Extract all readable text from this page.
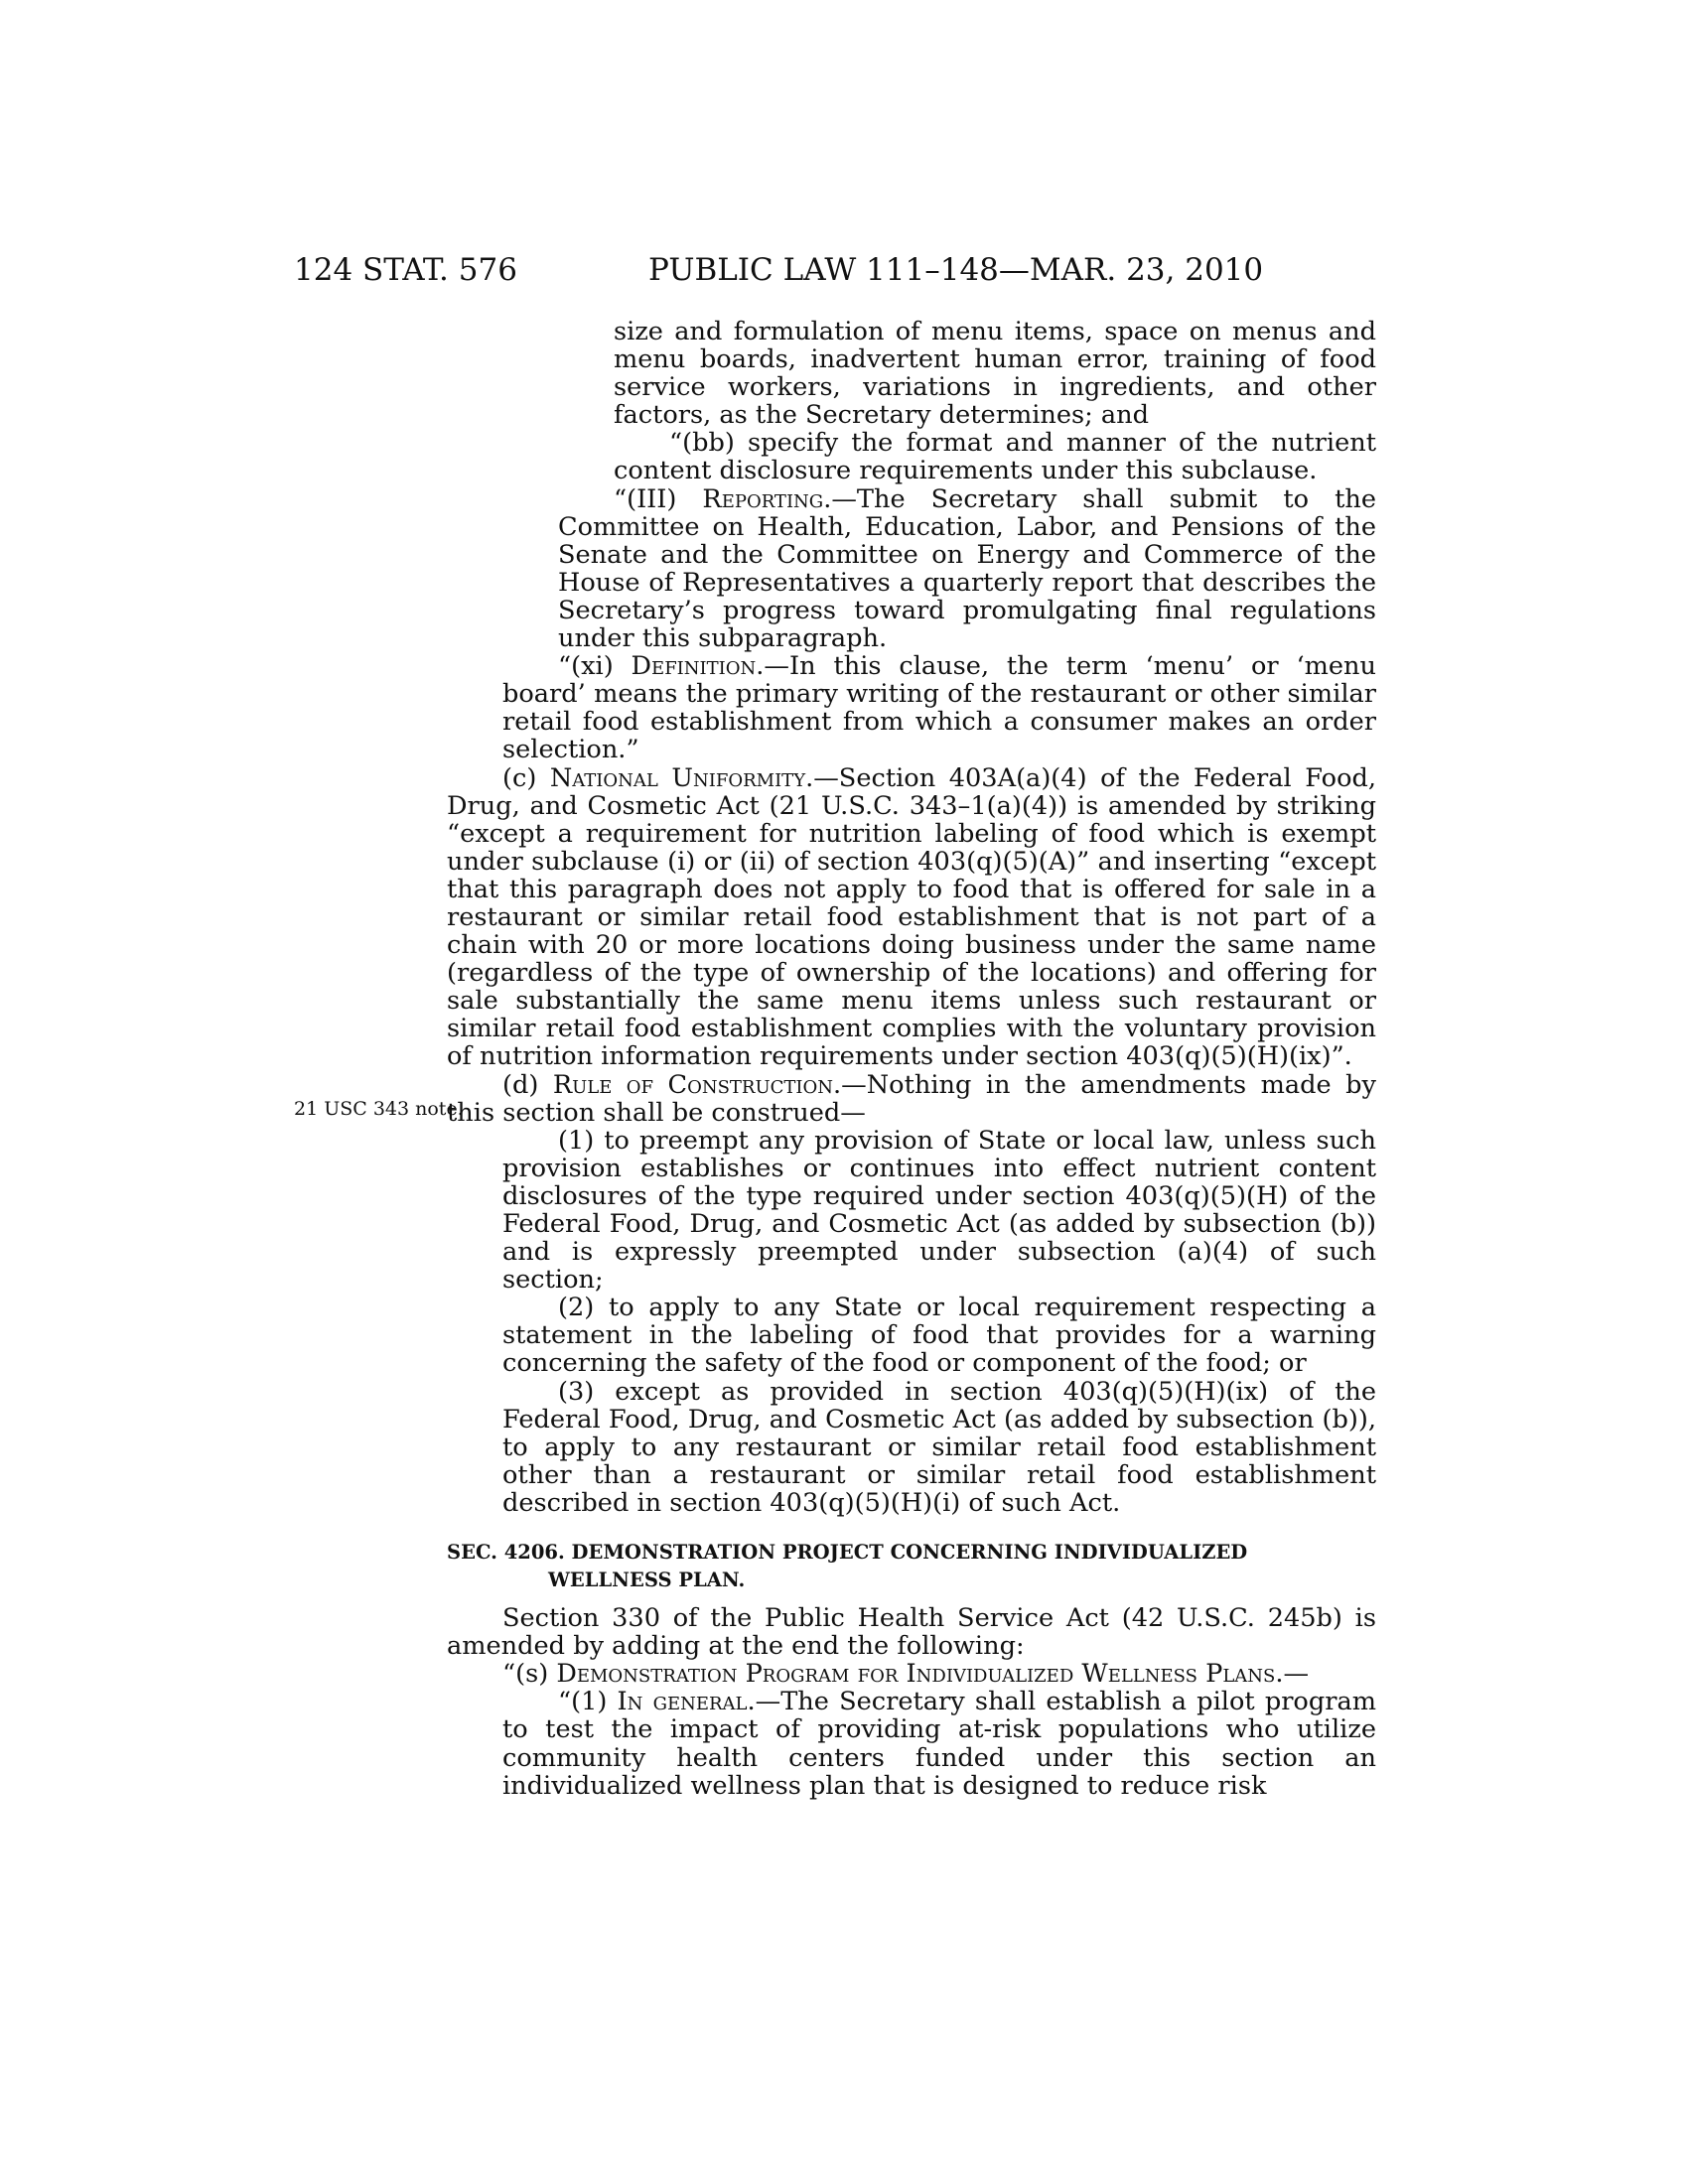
124 STAT. 576	PUBLIC LAW 111–148—MAR. 23, 2010
21 USC 343 note.

size and formulation of menu items, space on menus and menu boards, inadvertent human error, training of food service workers, variations in ingredients, and other factors, as the Secretary determines; and

“(bb) specify the format and manner of the nutrient content disclosure requirements under this subclause.

“(III) Reporting.—The Secretary shall submit to the Committee on Health, Education, Labor, and Pensions of the Senate and the Committee on Energy and Commerce of the House of Representatives a quarterly report that describes the Secretary’s progress toward promulgating final regulations under this subparagraph.

“(xi) Definition.—In this clause, the term ‘menu’ or ‘menu board’ means the primary writing of the restaurant or other similar retail food establishment from which a consumer makes an order selection.”

(c) National Uniformity.—Section 403A(a)(4) of the Federal Food, Drug, and Cosmetic Act (21 U.S.C. 343–1(a)(4)) is amended by striking “except a requirement for nutrition labeling of food which is exempt under subclause (i) or (ii) of section 403(q)(5)(A)” and inserting “except that this paragraph does not apply to food that is offered for sale in a restaurant or similar retail food establishment that is not part of a chain with 20 or more locations doing business under the same name (regardless of the type of ownership of the locations) and offering for sale substantially the same menu items unless such restaurant or similar retail food establishment complies with the voluntary provision of nutrition information requirements under section 403(q)(5)(H)(ix)”.

(d) Rule of Construction.—Nothing in the amendments made by this section shall be construed—

(1) to preempt any provision of State or local law, unless such provision establishes or continues into effect nutrient content disclosures of the type required under section 403(q)(5)(H) of the Federal Food, Drug, and Cosmetic Act (as added by subsection (b)) and is expressly preempted under subsection (a)(4) of such section;

(2) to apply to any State or local requirement respecting a statement in the labeling of food that provides for a warning concerning the safety of the food or component of the food; or

(3) except as provided in section 403(q)(5)(H)(ix) of the Federal Food, Drug, and Cosmetic Act (as added by subsection (b)), to apply to any restaurant or similar retail food establishment other than a restaurant or similar retail food establishment described in section 403(q)(5)(H)(i) of such Act.

SEC. 4206. DEMONSTRATION PROJECT CONCERNING INDIVIDUALIZED WELLNESS PLAN.

Section 330 of the Public Health Service Act (42 U.S.C. 245b) is amended by adding at the end the following:

“(s) Demonstration Program for Individualized Wellness Plans.—

“(1) In general.—The Secretary shall establish a pilot program to test the impact of providing at-risk populations who utilize community health centers funded under this section an individualized wellness plan that is designed to reduce risk
